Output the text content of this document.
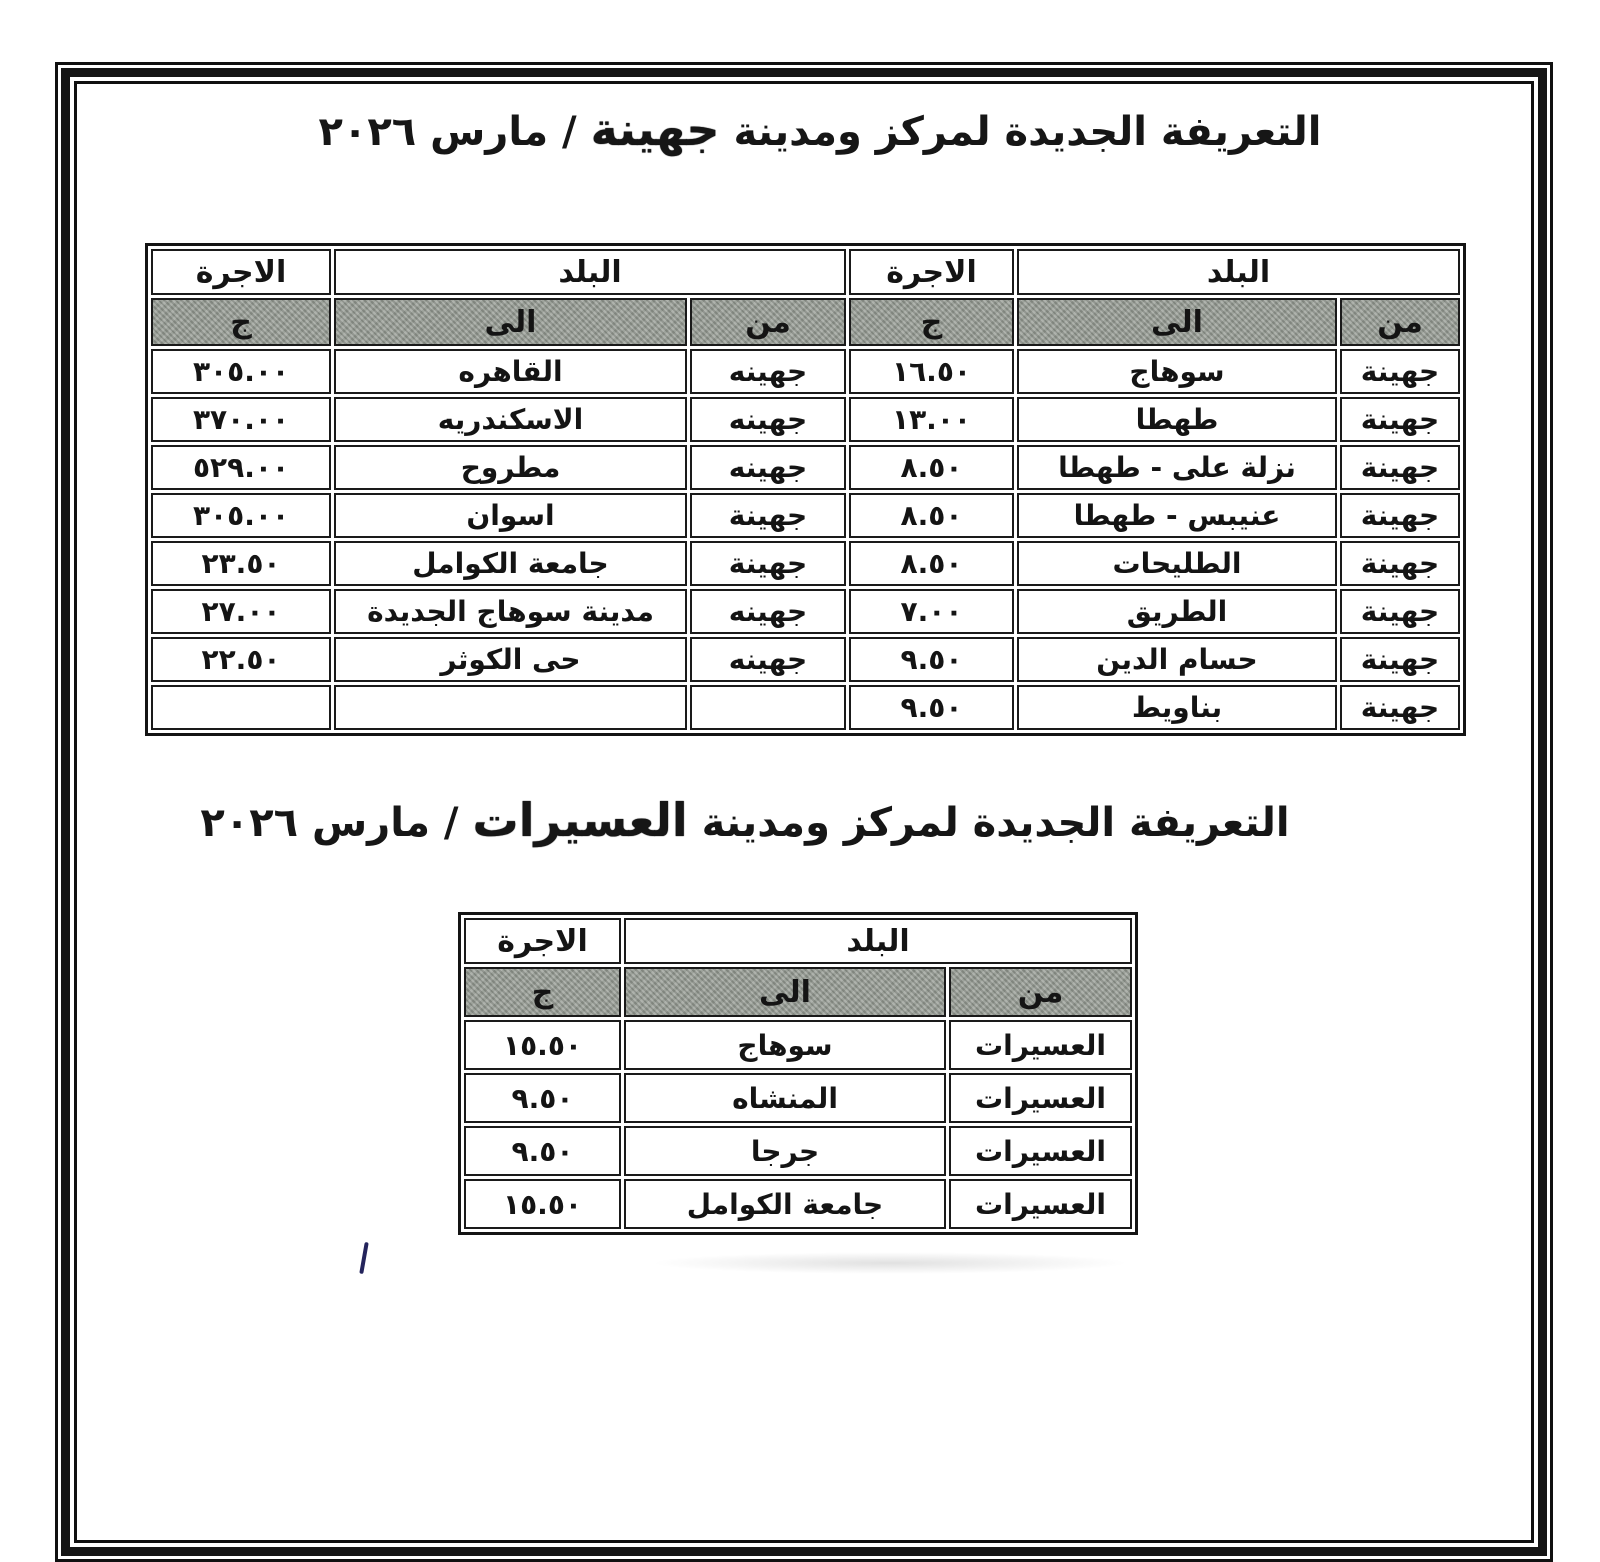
التعريفة الجديدة لمركز ومدينة جهينة / مارس ٢٠٢٦
البلد		الاجرة	البلد		الاجرة
من	الى	ج	من	الى	ج
جهينة	سوهاج	١٦.٥٠	جهينه	القاهره	٣٠٥.٠٠
جهينة	طهطا	١٣.٠٠	جهينه	الاسكندريه	٣٧٠.٠٠
جهينة	نزلة على - طهطا	٨.٥٠	جهينه	مطروح	٥٢٩.٠٠
جهينة	عنيبس - طهطا	٨.٥٠	جهينة	اسوان	٣٠٥.٠٠
جهينة	الطليحات	٨.٥٠	جهينة	جامعة الكوامل	٢٣.٥٠
جهينة	الطريق	٧.٠٠	جهينه	مدينة سوهاج الجديدة	٢٧.٠٠
جهينة	حسام الدين	٩.٥٠	جهينه	حى الكوثر	٢٢.٥٠
جهينة	بناويط	٩.٥٠			
التعريفة الجديدة لمركز ومدينة العسيرات / مارس ٢٠٢٦
البلد		الاجرة
من	الى	ج
العسيرات	سوهاج	١٥.٥٠
العسيرات	المنشاه	٩.٥٠
العسيرات	جرجا	٩.٥٠
العسيرات	جامعة الكوامل	١٥.٥٠
